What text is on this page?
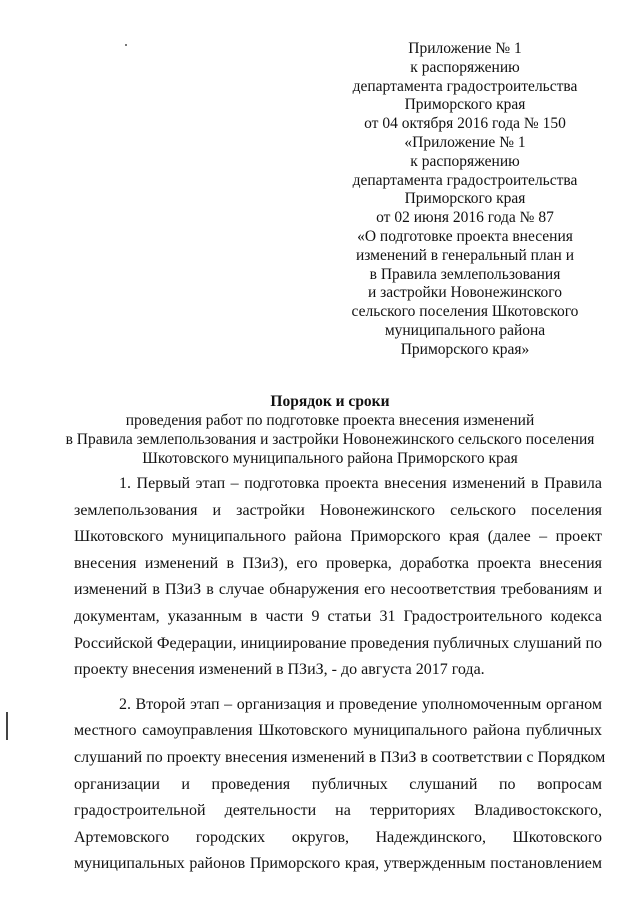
Приложение № 1
к распоряжению
департамента градостроительства
Приморского края
от 04 октября 2016 года № 150
«Приложение № 1
к распоряжению
департамента градостроительства
Приморского края
от 02 июня 2016 года № 87
«О подготовке проекта внесения
изменений в генеральный план и
в Правила землепользования
и застройки Новонежинского
сельского поселения Шкотовского
муниципального района
Приморского края»
Порядок и сроки
проведения работ по подготовке проекта внесения изменений
в Правила землепользования и застройки Новонежинского сельского поселения
Шкотовского муниципального района Приморского края
1. Первый этап – подготовка проекта внесения изменений в Правила
землепользования и застройки Новонежинского сельского поселения
Шкотовского муниципального района Приморского края (далее – проект
внесения изменений в ПЗиЗ), его проверка, доработка проекта внесения
изменений в ПЗиЗ в случае обнаружения его несоответствия требованиям и
документам, указанным в части 9 статьи 31 Градостроительного кодекса
Российской Федерации, инициирование проведения публичных слушаний по
проекту внесения изменений в ПЗиЗ, - до августа 2017 года.
2. Второй этап – организация и проведение уполномоченным органом
местного самоуправления Шкотовского муниципального района публичных
слушаний по проекту внесения изменений в ПЗиЗ в соответствии с Порядком
организации и проведения публичных слушаний по вопросам
градостроительной деятельности на территориях Владивостокского,
Артемовского городских округов, Надеждинского, Шкотовского
муниципальных районов Приморского края, утвержденным постановлением
